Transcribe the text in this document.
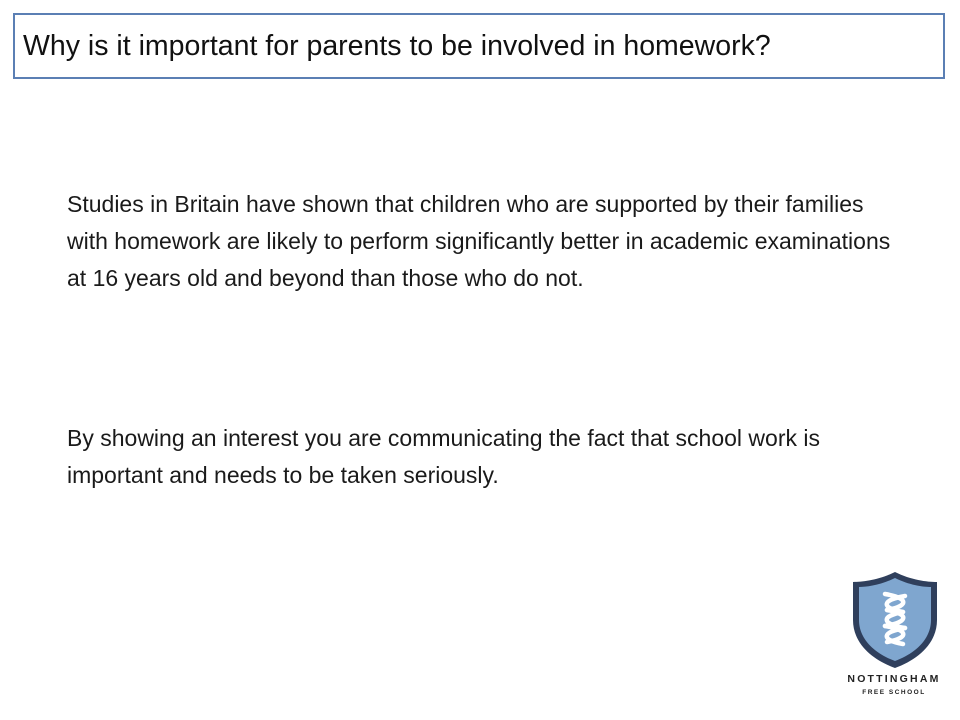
Why is it important for parents to be involved in homework?
Studies in Britain have shown that children who are supported by their families with homework are likely to perform significantly better in academic examinations at 16 years old and beyond than those who do not.
By showing an interest you are communicating the fact that school work is important and needs to be taken seriously.
NOTTINGHAM
FREE SCHOOL
